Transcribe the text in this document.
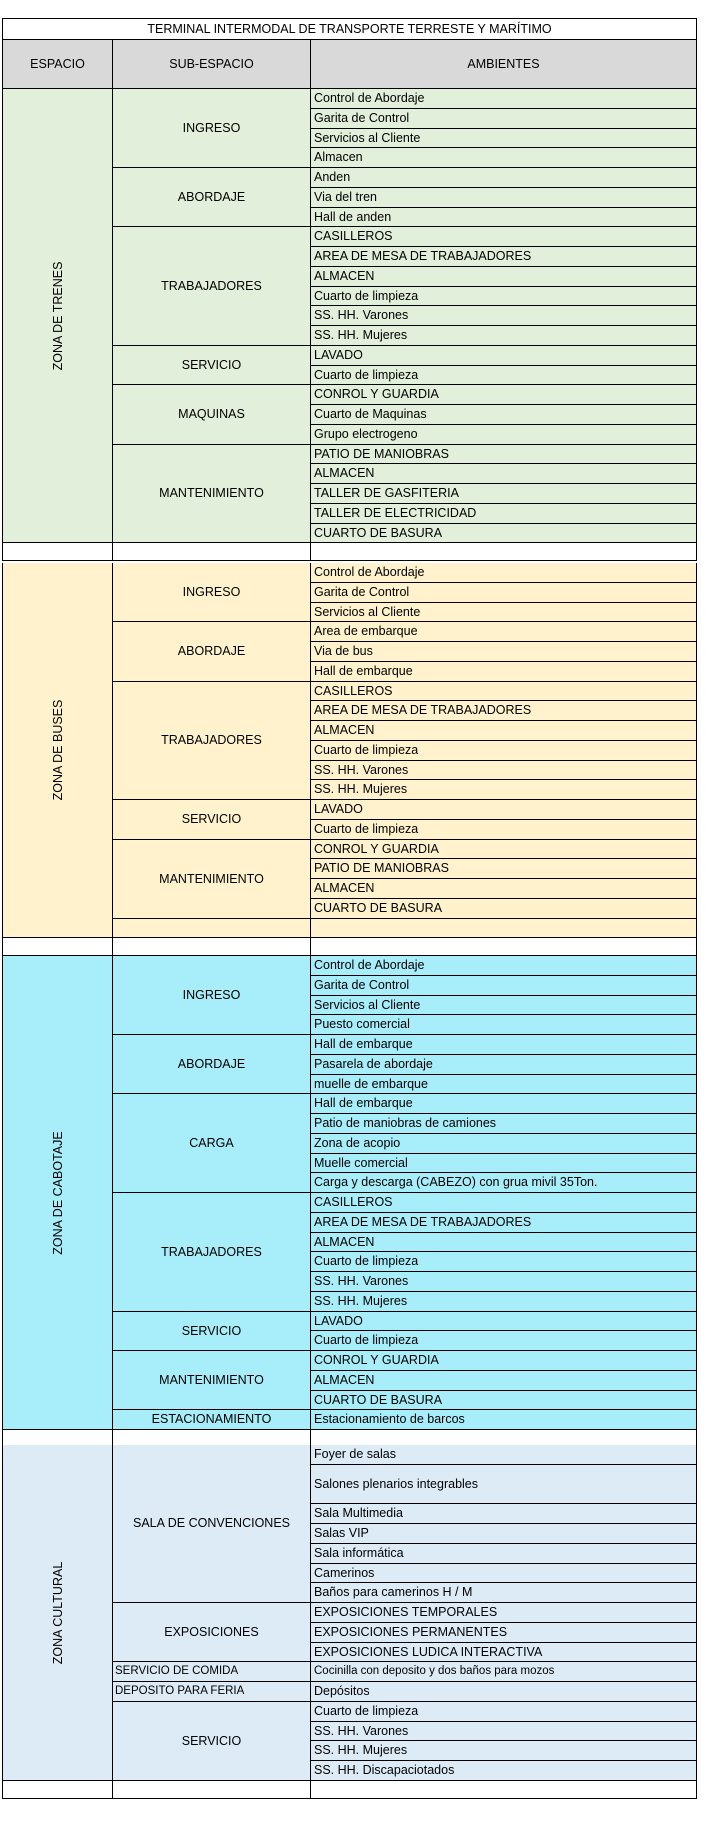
TERMINAL INTERMODAL DE TRANSPORTE TERRESTE Y MARÍTIMO
ESPACIO	SUB-ESPACIO	AMBIENTES
Control de Abordaje
Garita de Control
Servicios al Cliente
Almacen
INGRESO
Anden
Via del tren
Hall de anden
ABORDAJE
CASILLEROS
AREA DE MESA DE TRABAJADORES
ALMACEN
Cuarto de limpieza
SS. HH. Varones
SS. HH. Mujeres
TRABAJADORES
LAVADO
Cuarto de limpieza
SERVICIO
CONROL Y GUARDIA
Cuarto de Maquinas
Grupo electrogeno
MAQUINAS
PATIO DE MANIOBRAS
ALMACEN
TALLER DE GASFITERIA
TALLER DE ELECTRICIDAD
CUARTO DE BASURA
MANTENIMIENTO
ZONA DE TRENES
Control de Abordaje
Garita de Control
Servicios al Cliente
INGRESO
Area de embarque
Via de bus
Hall de embarque
ABORDAJE
CASILLEROS
AREA DE MESA DE TRABAJADORES
ALMACEN
Cuarto de limpieza
SS. HH. Varones
SS. HH. Mujeres
TRABAJADORES
LAVADO
Cuarto de limpieza
SERVICIO
CONROL Y GUARDIA
PATIO DE MANIOBRAS
ALMACEN
CUARTO DE BASURA
MANTENIMIENTO
ZONA DE BUSES
Control de Abordaje
Garita de Control
Servicios al Cliente
Puesto comercial
INGRESO
Hall de embarque
Pasarela de abordaje
muelle de embarque
ABORDAJE
Hall de embarque
Patio de maniobras de camiones
Zona de acopio
Muelle comercial
Carga y descarga (CABEZO) con grua mivil 35Ton.
CARGA
CASILLEROS
AREA DE MESA DE TRABAJADORES
ALMACEN
Cuarto de limpieza
SS. HH. Varones
SS. HH. Mujeres
TRABAJADORES
LAVADO
Cuarto de limpieza
SERVICIO
CONROL Y GUARDIA
ALMACEN
CUARTO DE BASURA
MANTENIMIENTO
Estacionamiento de barcos
ESTACIONAMIENTO
ZONA DE CABOTAJE
Foyer de salas
Salones plenarios integrables
Sala Multimedia
Salas VIP
Sala informática
Camerinos
Baños para camerinos H / M
SALA DE CONVENCIONES
EXPOSICIONES TEMPORALES
EXPOSICIONES PERMANENTES
EXPOSICIONES LUDICA INTERACTIVA
EXPOSICIONES
Cocinilla con deposito y dos baños para mozos
SERVICIO DE COMIDA
Depósitos
DEPOSITO PARA FERIA
Cuarto de limpieza
SS. HH. Varones
SS. HH. Mujeres
SS. HH. Discapaciotados
SERVICIO
ZONA CULTURAL
